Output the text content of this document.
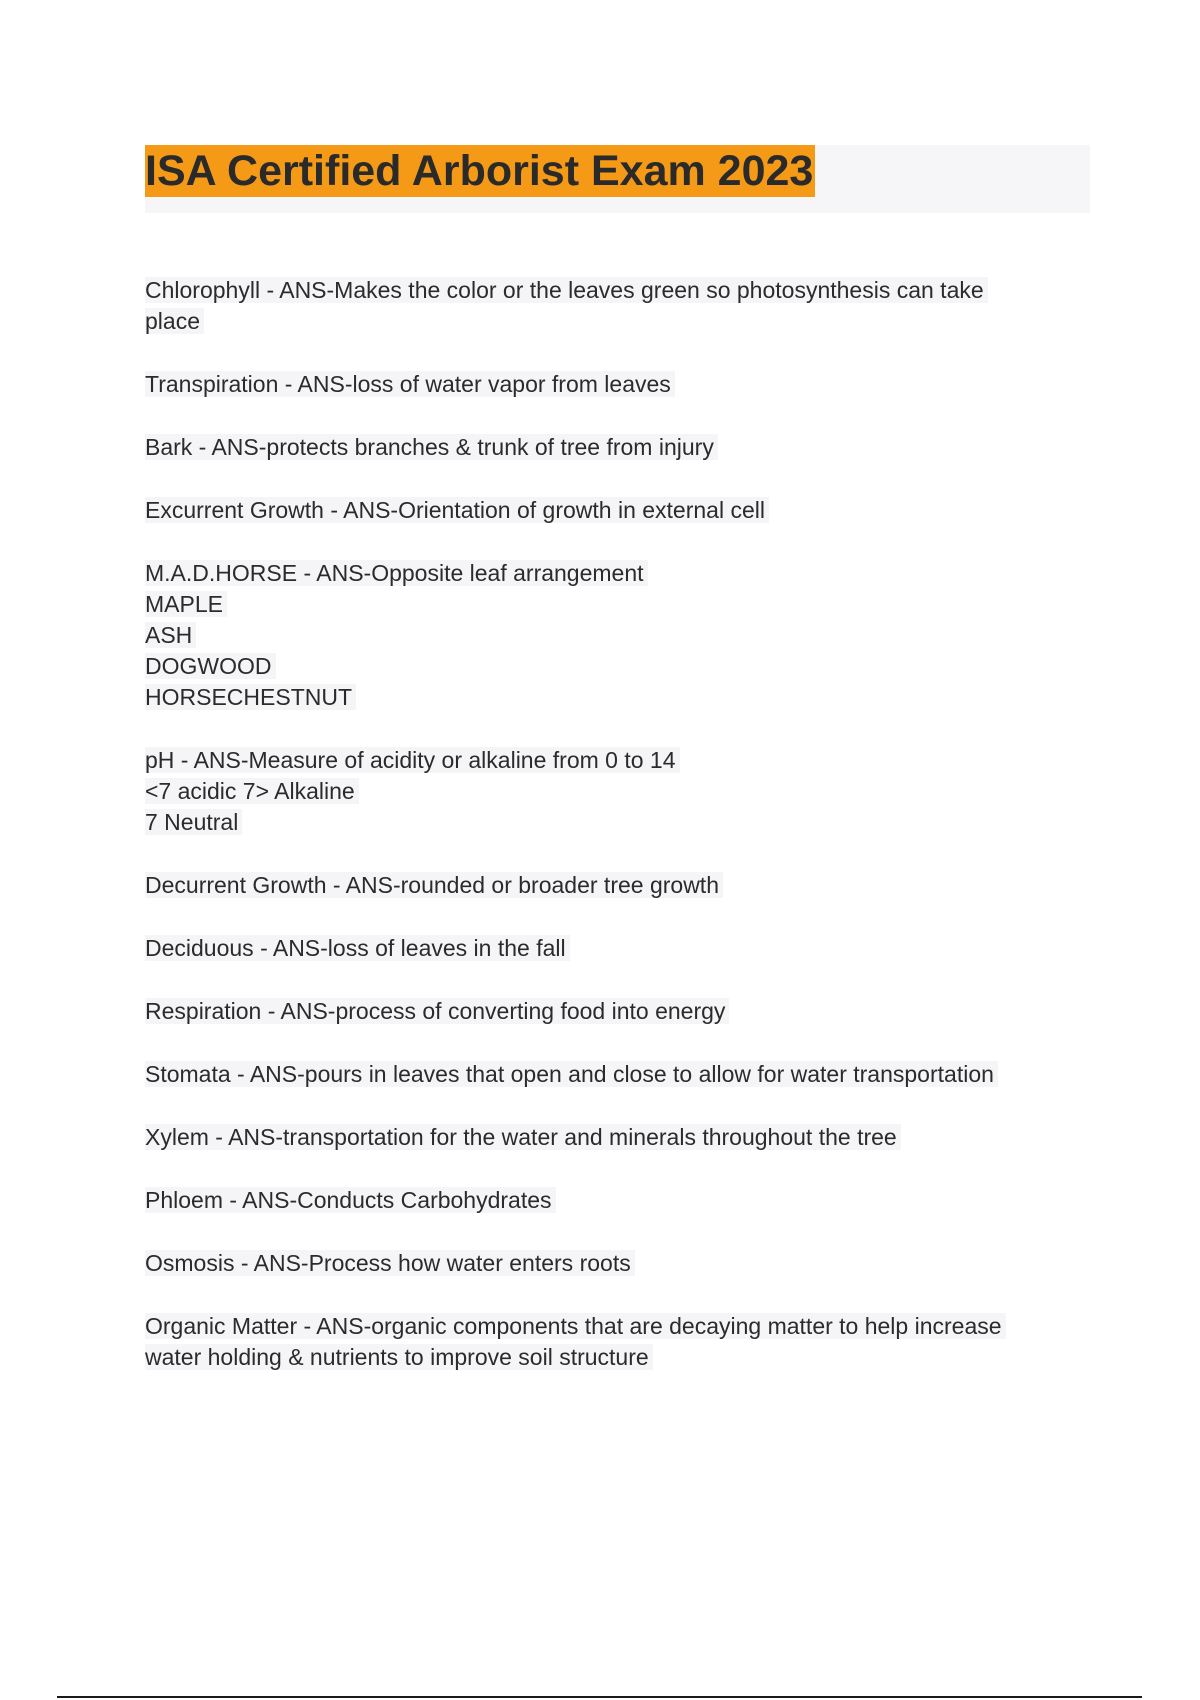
ISA Certified Arborist Exam 2023
Chlorophyll - ANS-Makes the color or the leaves green so photosynthesis can take
place
Transpiration - ANS-loss of water vapor from leaves
Bark - ANS-protects branches & trunk of tree from injury
Excurrent Growth - ANS-Orientation of growth in external cell
M.A.D.HORSE - ANS-Opposite leaf arrangement
MAPLE
ASH
DOGWOOD
HORSECHESTNUT
pH - ANS-Measure of acidity or alkaline from 0 to 14
<7 acidic 7> Alkaline
7 Neutral
Decurrent Growth - ANS-rounded or broader tree growth
Deciduous - ANS-loss of leaves in the fall
Respiration - ANS-process of converting food into energy
Stomata - ANS-pours in leaves that open and close to allow for water transportation
Xylem - ANS-transportation for the water and minerals throughout the tree
Phloem - ANS-Conducts Carbohydrates
Osmosis - ANS-Process how water enters roots
Organic Matter - ANS-organic components that are decaying matter to help increase
water holding & nutrients to improve soil structure
